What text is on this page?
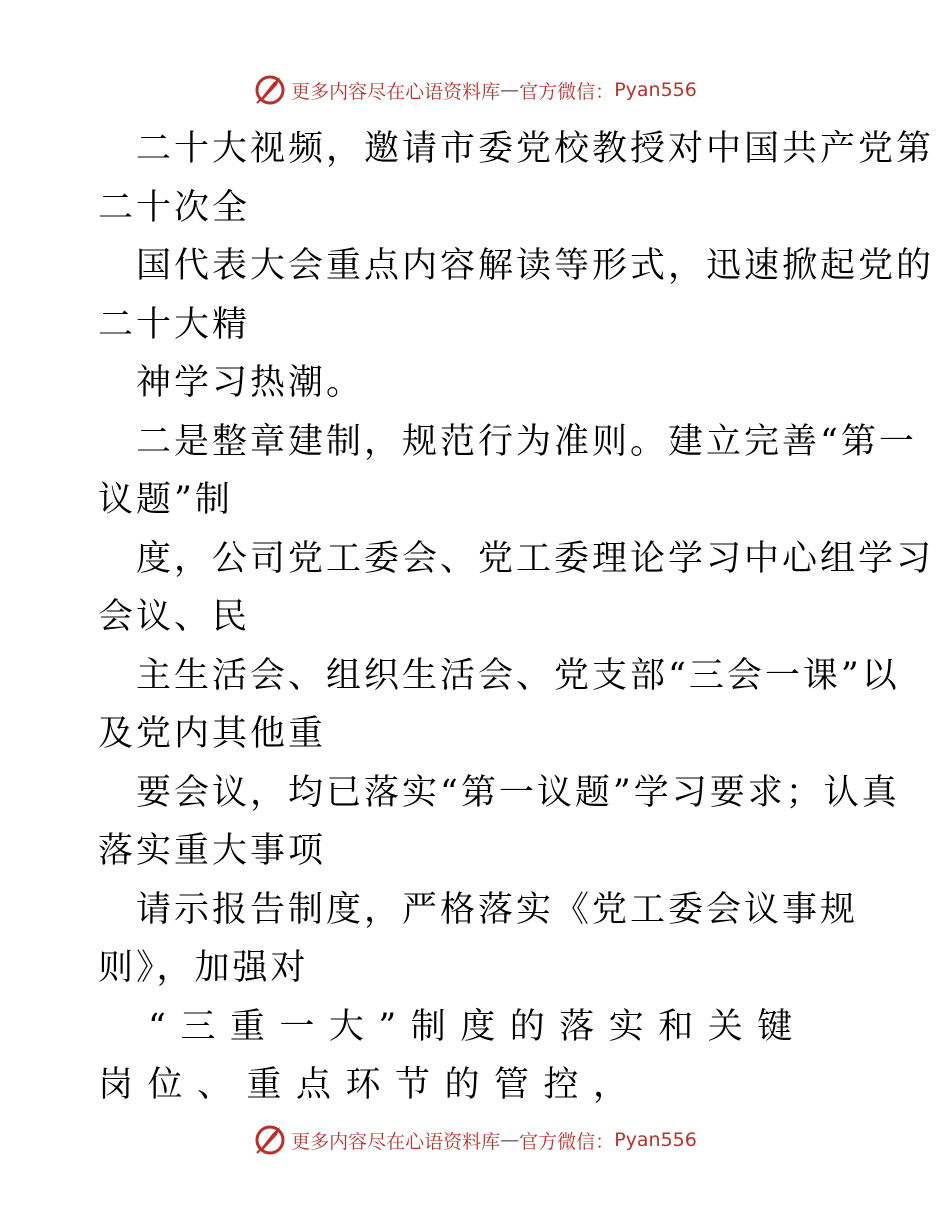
更多内容尽在心语资料库 — 官方微信： Pyan556
二十大视频，邀请市委党校教授对中国共产党第
二十次全
国代表大会重点内容解读等形式，迅速掀起党的
二十大精
神学习热潮。
二是整章建制，规范行为准则。建立完善“第一
议题”制
度，公司党工委会、党工委理论学习中心组学习
会议、民
主生活会、组织生活会、党支部“三会一课”以
及党内其他重
要会议，均已落实“第一议题”学习要求；认真
落实重大事项
请示报告制度，严格落实《党工委会议事规
则》，加强对
“三重一大”制度的落实和关键
岗位、重点环节的管控，
更多内容尽在心语资料库 — 官方微信： Pyan556
